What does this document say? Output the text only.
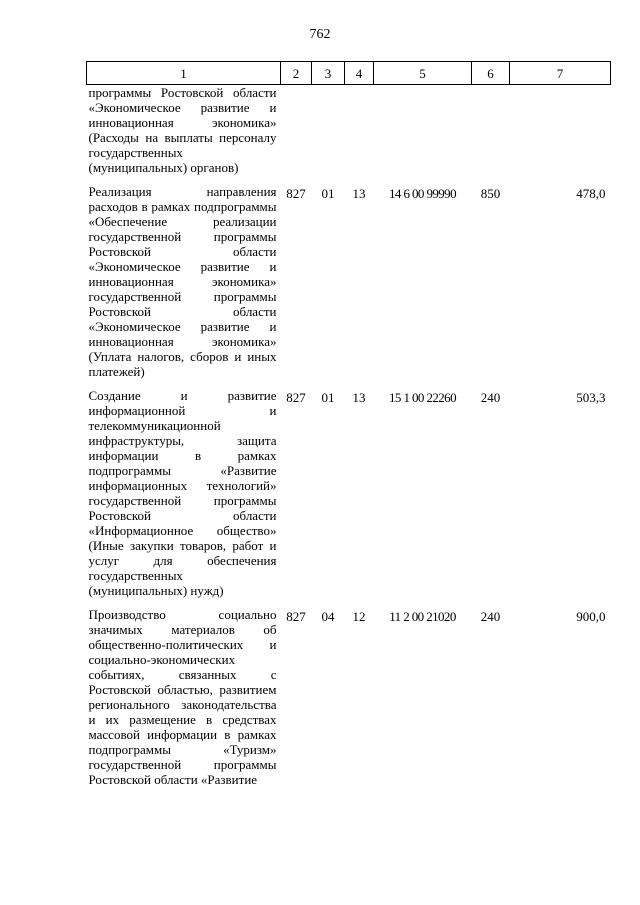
762
1	2	3	4	5	6	7
программы Ростовской области «Экономическое развитие и инновационная экономика» (Расходы на выплаты персоналу государственных (муниципальных) органов)						
Реализация направления расходов в рамках подпрограммы «Обеспечение реализации государственной программы Ростовской области «Экономическое развитие и инновационная экономика» государственной программы Ростовской области «Экономическое развитие и инновационная экономика» (Уплата налогов, сборов и иных платежей)	827	01	13	14 6 00 99990	850	478,0
Создание и развитие информационной и телекоммуникационной инфраструктуры, защита информации в рамках подпрограммы «Развитие информационных технологий» государственной программы Ростовской области «Информационное общество» (Иные закупки товаров, работ и услуг для обеспечения государственных (муниципальных) нужд)	827	01	13	15 1 00 22260	240	503,3
Производство социально значимых материалов об общественно-политических и социально-экономических событиях, связанных с Ростовской областью, развитием регионального законодательства и их размещение в средствах массовой информации в рамках подпрограммы «Туризм» государственной программы Ростовской области «Развитие	827	04	12	11 2 00 21020	240	900,0
